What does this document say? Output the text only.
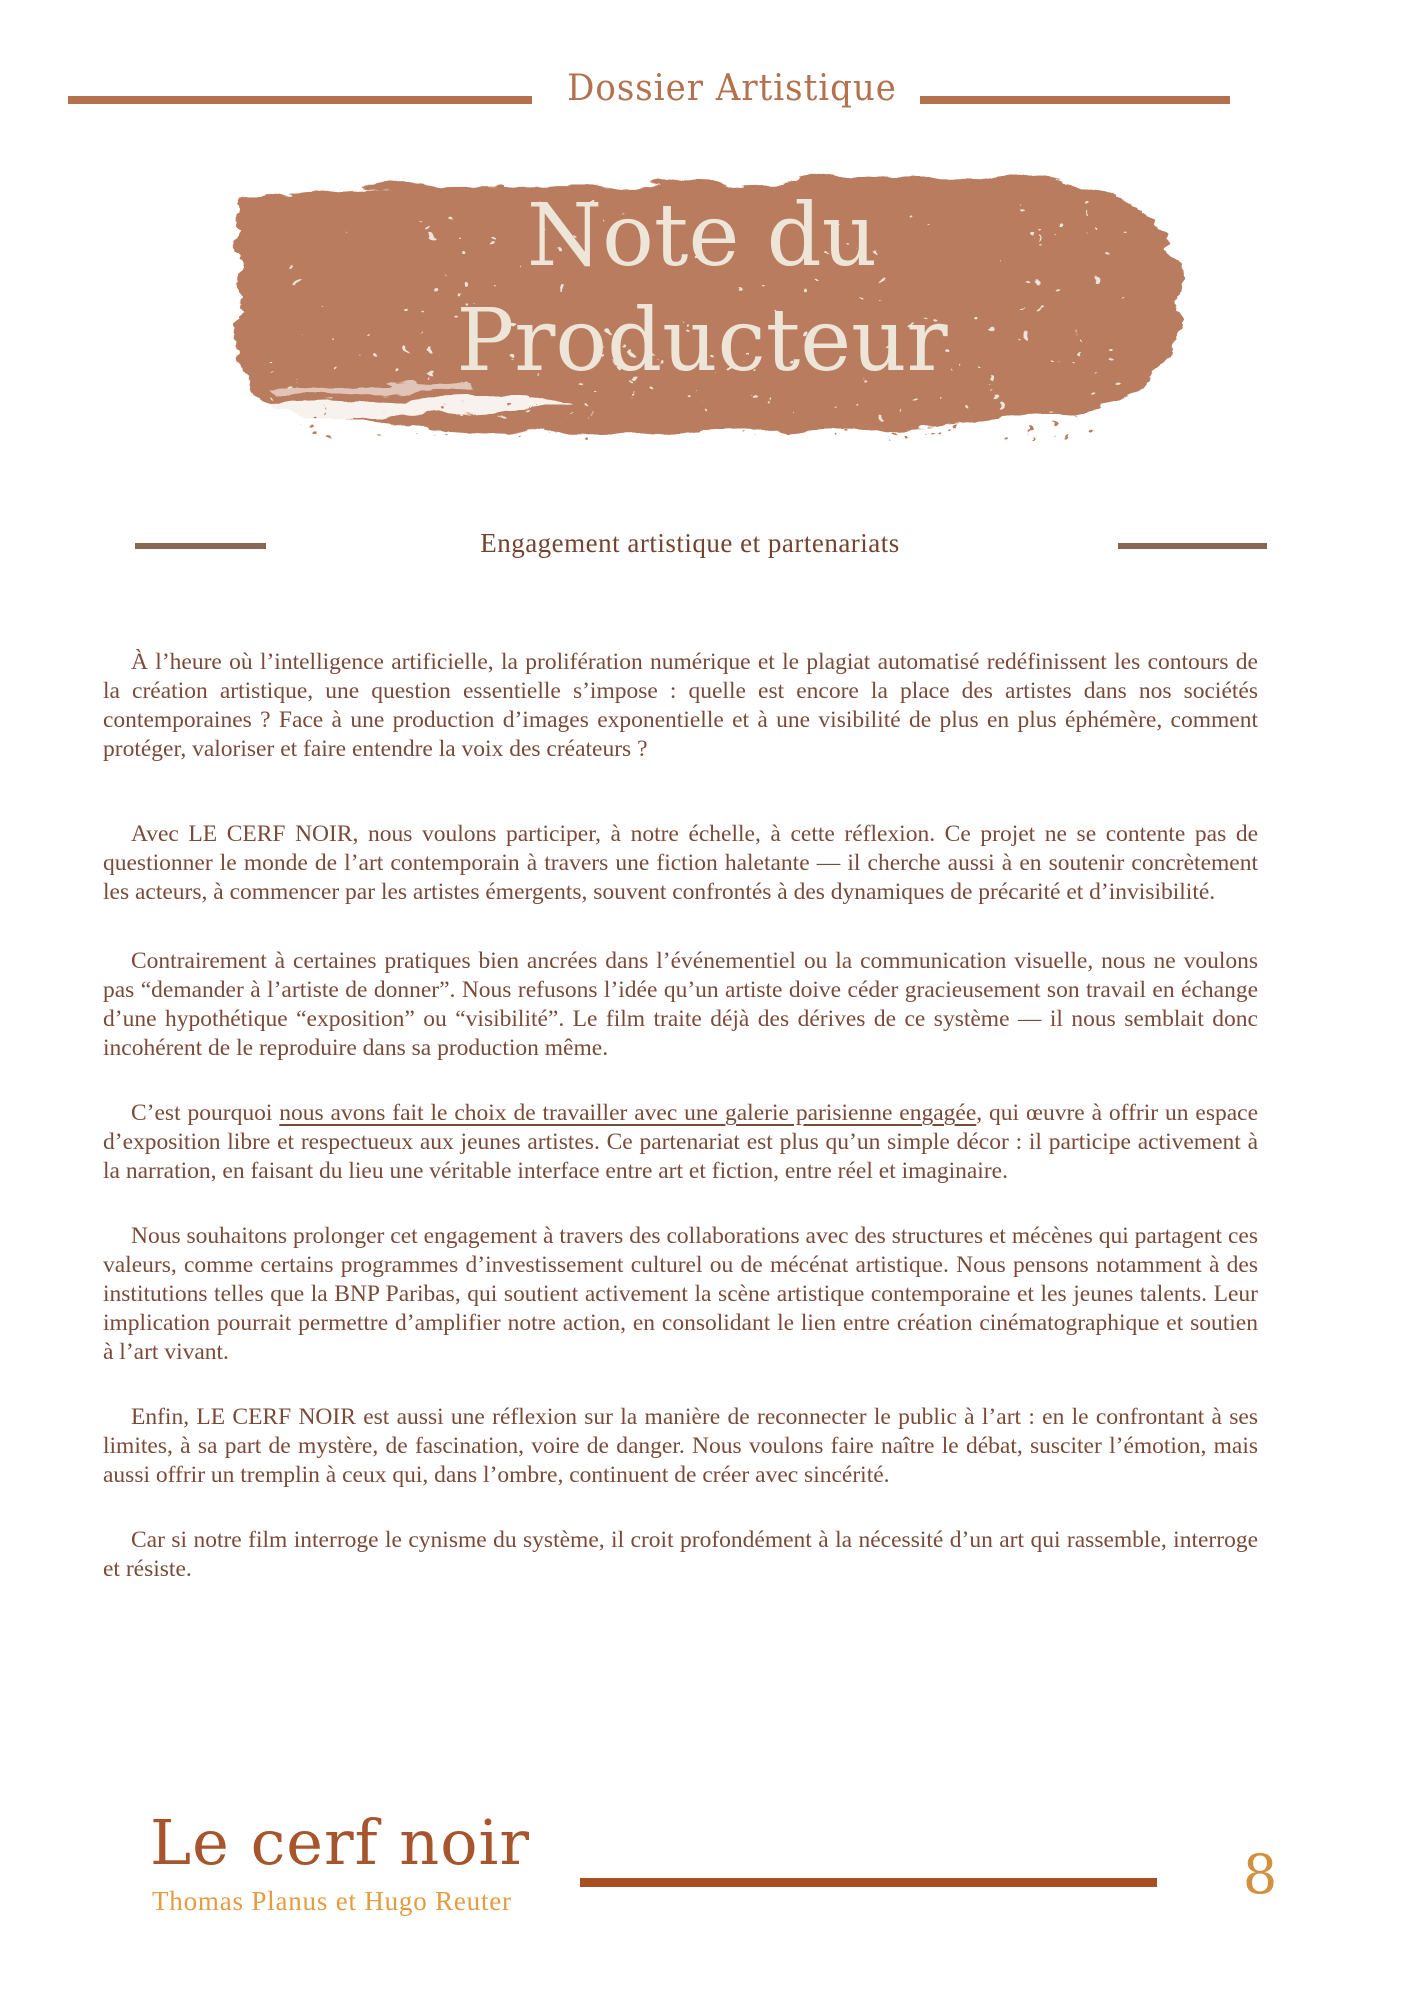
Dossier Artistique
Note du
Producteur
Engagement artistique et partenariats

À l’heure où l’intelligence artificielle, la prolifération numérique et le plagiat automatisé redéfinissent les contours de la création artistique, une question essentielle s’impose : quelle est encore la place des artistes dans nos sociétés contemporaines ? Face à une production d’images exponentielle et à une visibilité de plus en plus éphémère, comment protéger, valoriser et faire entendre la voix des créateurs ?

Avec LE CERF NOIR, nous voulons participer, à notre échelle, à cette réflexion. Ce projet ne se contente pas de questionner le monde de l’art contemporain à travers une fiction haletante — il cherche aussi à en soutenir concrètement les acteurs, à commencer par les artistes émergents, souvent confrontés à des dynamiques de précarité et d’invisibilité.

Contrairement à certaines pratiques bien ancrées dans l’événementiel ou la communication visuelle, nous ne voulons pas “demander à l’artiste de donner”. Nous refusons l’idée qu’un artiste doive céder gracieusement son travail en échange d’une hypothétique “exposition” ou “visibilité”. Le film traite déjà des dérives de ce système — il nous semblait donc incohérent de le reproduire dans sa production même.

C’est pourquoi nous avons fait le choix de travailler avec une galerie parisienne engagée, qui œuvre à offrir un espace d’exposition libre et respectueux aux jeunes artistes. Ce partenariat est plus qu’un simple décor : il participe activement à la narration, en faisant du lieu une véritable interface entre art et fiction, entre réel et imaginaire.

Nous souhaitons prolonger cet engagement à travers des collaborations avec des structures et mécènes qui partagent ces valeurs, comme certains programmes d’investissement culturel ou de mécénat artistique. Nous pensons notamment à des institutions telles que la BNP Paribas, qui soutient activement la scène artistique contemporaine et les jeunes talents. Leur implication pourrait permettre d’amplifier notre action, en consolidant le lien entre création cinématographique et soutien à l’art vivant.

Enfin, LE CERF NOIR est aussi une réflexion sur la manière de reconnecter le public à l’art : en le confrontant à ses limites, à sa part de mystère, de fascination, voire de danger. Nous voulons faire naître le débat, susciter l’émotion, mais aussi offrir un tremplin à ceux qui, dans l’ombre, continuent de créer avec sincérité.

Car si notre film interroge le cynisme du système, il croit profondément à la nécessité d’un art qui rassemble, interroge et résiste.

Le cerf noir
Thomas Planus et Hugo Reuter	8
